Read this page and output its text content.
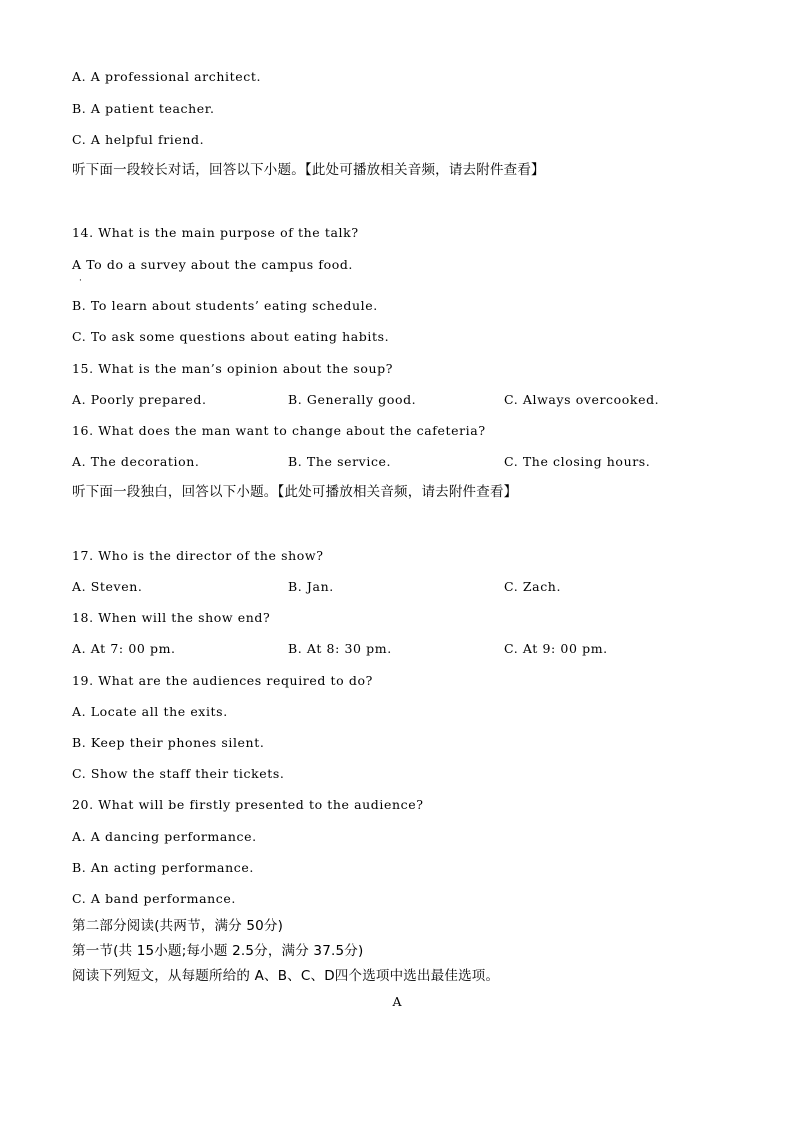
A. A professional architect.
B. A patient teacher.
C. A helpful friend.
听下面一段较长对话，回答以下小题。【此处可播放相关音频，请去附件查看】
14. What is the main purpose of the talk?
A To do a survey about the campus food.
·
B. To learn about students’ eating schedule.
C. To ask some questions about eating habits.
15. What is the man’s opinion about the soup?
A. Poorly prepared.	B. Generally good.	C. Always overcooked.
16. What does the man want to change about the cafeteria?
A. The decoration.	B. The service.	C. The closing hours.
听下面一段独白，回答以下小题。【此处可播放相关音频，请去附件查看】
17. Who is the director of the show?
A. Steven.	B. Jan.	C. Zach.
18. When will the show end?
A. At 7: 00 pm.	B. At 8: 30 pm.	C. At 9: 00 pm.
19. What are the audiences required to do?
A. Locate all the exits.
B. Keep their phones silent.
C. Show the staff their tickets.
20. What will be firstly presented to the audience?
A. A dancing performance.
B. An acting performance.
C. A band performance.
第二部分阅读(共两节，满分 50分)
第一节(共 15小题;每小题 2.5分，满分 37.5分)
阅读下列短文，从每题所给的 A、B、C、D四个选项中选出最佳选项。
A
